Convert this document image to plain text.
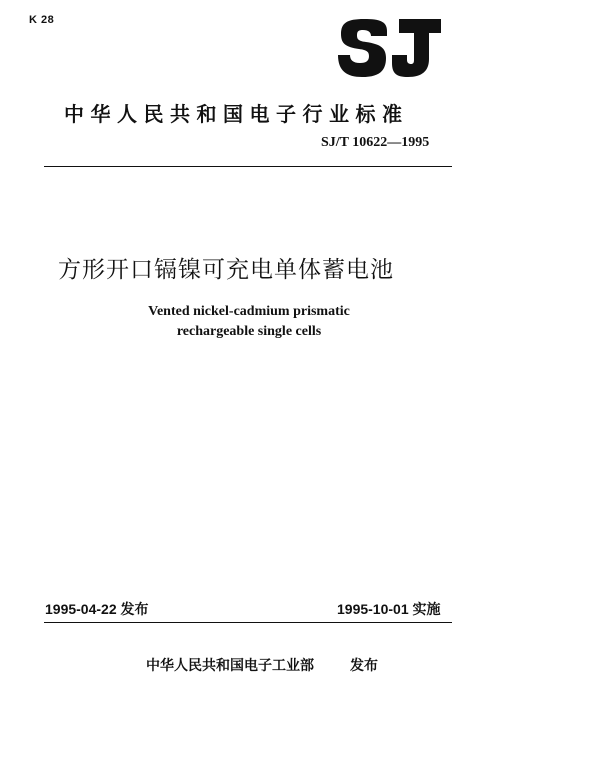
K 28
中华人民共和国电子行业标准
SJ/T 10622—1995
方形开口镉镍可充电单体蓄电池
Vented nickel-cadmium prismatic
rechargeable single cells
1995-04-22 发布	1995-10-01 实施
中华人民共和国电子工业部	发布
